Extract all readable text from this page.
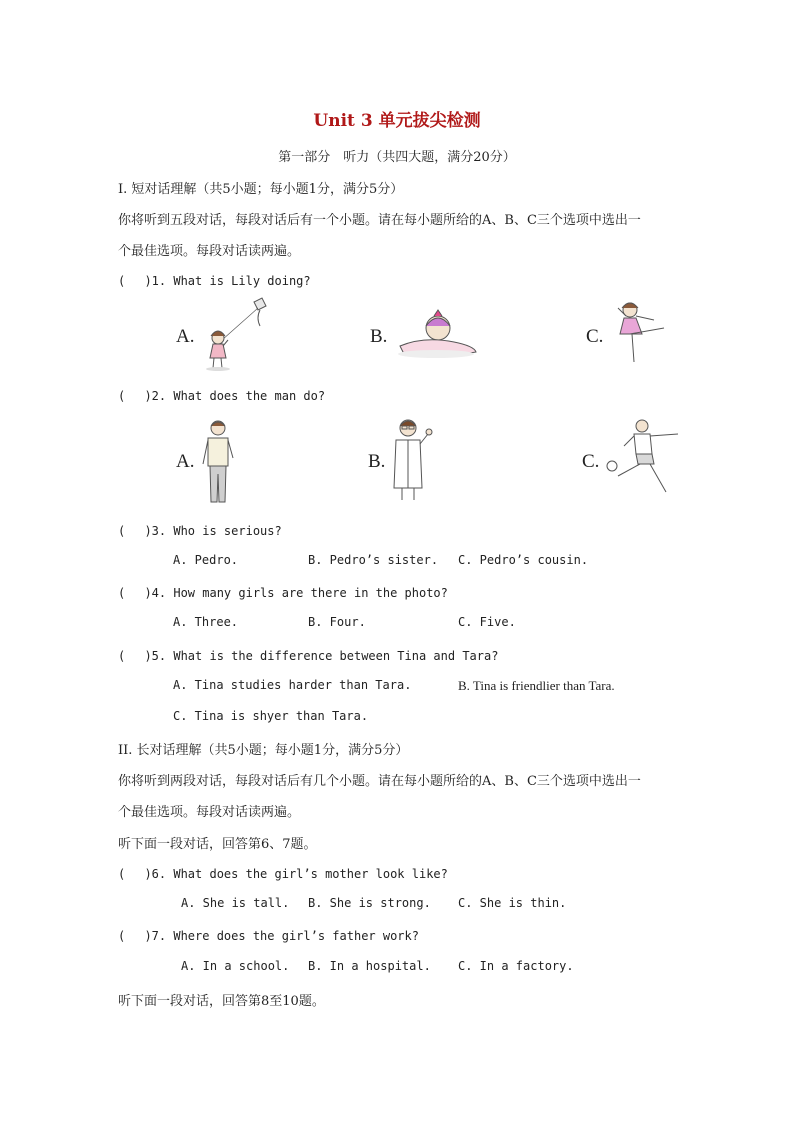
Unit 3 单元拔尖检测
第一部分　听力（共四大题，满分20分）
I. 短对话理解（共5小题；每小题1分，满分5分）
你将听到五段对话，每段对话后有一个小题。请在每小题所给的A、B、C三个选项中选出一
个最佳选项。每段对话读两遍。
(　 )1. What is Lily doing?
A.	B.	C.
(　 )2. What does the man do?
A.	B.	C.
(　 )3. Who is serious?
A. Pedro.	B. Pedro’s sister. C. Pedro’s cousin.
(　 )4. How many girls are there in the photo?
A. Three.	B. Four.	C. Five.
(　 )5. What is the difference between Tina and Tara?
A. Tina studies harder than Tara.	B. Tina is friendlier than Tara.
C. Tina is shyer than Tara.
II. 长对话理解（共5小题；每小题1分，满分5分）
你将听到两段对话，每段对话后有几个小题。请在每小题所给的A、B、C三个选项中选出一
个最佳选项。每段对话读两遍。
听下面一段对话，回答第6、7题。
(　 )6. What does the girl’s mother look like?
A. She is tall. B. She is strong. C. She is thin.
(　 )7. Where does the girl’s father work?
A. In a school. B. In a hospital. C. In a factory.
听下面一段对话，回答第8至10题。
